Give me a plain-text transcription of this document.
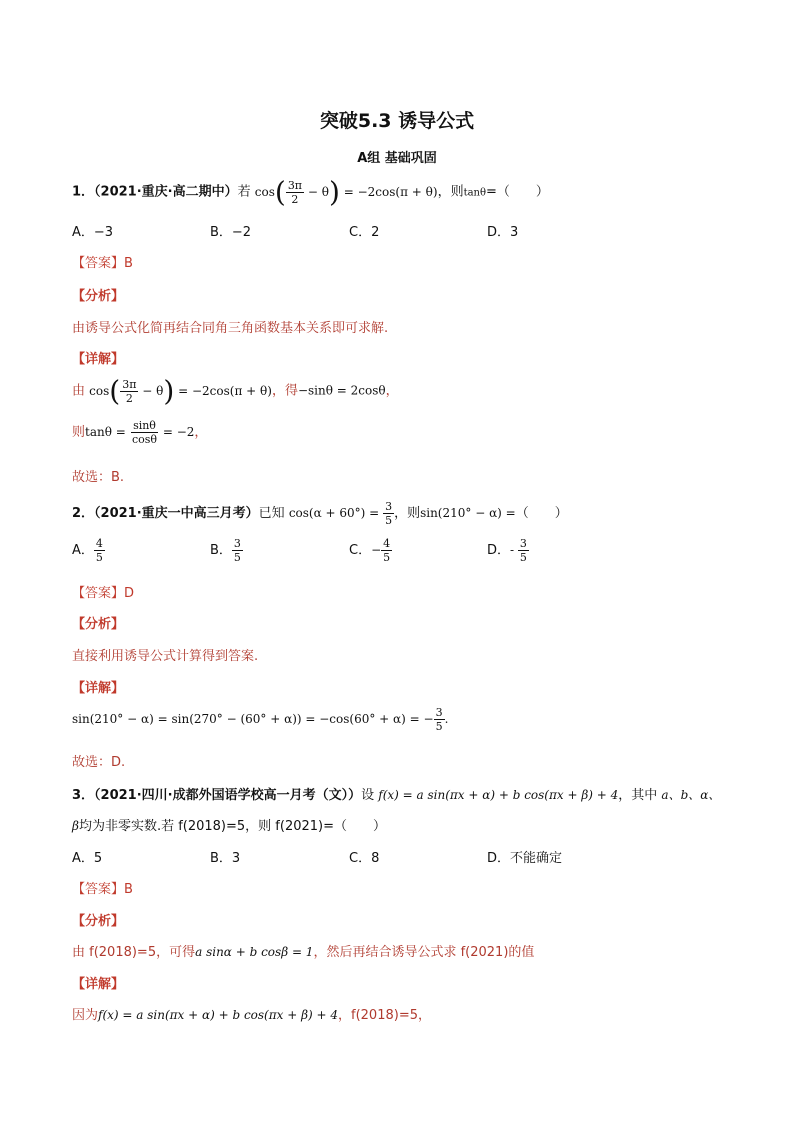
突破5.3 诱导公式
A组 基础巩固
1．（2021·重庆·高二期中）若 $\cos( \frac{3\pi}{2} - \theta) = -2\cos(\pi + \theta)$，则tanθ=（　　）
A．−3	B．−2	C．2	D．3
【答案】B
【分析】
由诱导公式化简再结合同角三角函数基本关系即可求解.
【详解】
由 $\cos( \frac{3\pi}{2} - \theta) = -2\cos(\pi + \theta)$，得−sinθ = 2cosθ，
则$\tan\theta = \frac{\sin\theta}{\cos\theta} = -2$，
故选：B.
2．（2021·重庆一中高三月考）已知 $\cos(\alpha + 60^\circ) = \frac{3}{5}$ ，则sin(210° − α) =（　　）
A． $\frac{4}{5}$	B． $\frac{3}{5}$	C．− $\frac{4}{5}$	D．- $\frac{3}{5}$
【答案】D
【分析】
直接利用诱导公式计算得到答案.
【详解】
sin(210° − α) = sin(270° − (60° + α)) = −cos(60° + α) = − $\frac{3}{5}$ .
故选：D.
3．（2021·四川·成都外国语学校高一月考（文））设 f(x) = a sin(πx + α) + b cos(πx + β) + 4，其中 a、b、α、
β均为非零实数.若 f(2018)=5，则 f(2021)=（　　）
A．5	B．3	C．8	D．不能确定
【答案】B
【分析】
由 f(2018)=5，可得a sinα + b cosβ = 1，然后再结合诱导公式求 f(2021)的值
【详解】
因为f(x) = a sin(πx + α) + b cos(πx + β) + 4，f(2018)=5，
